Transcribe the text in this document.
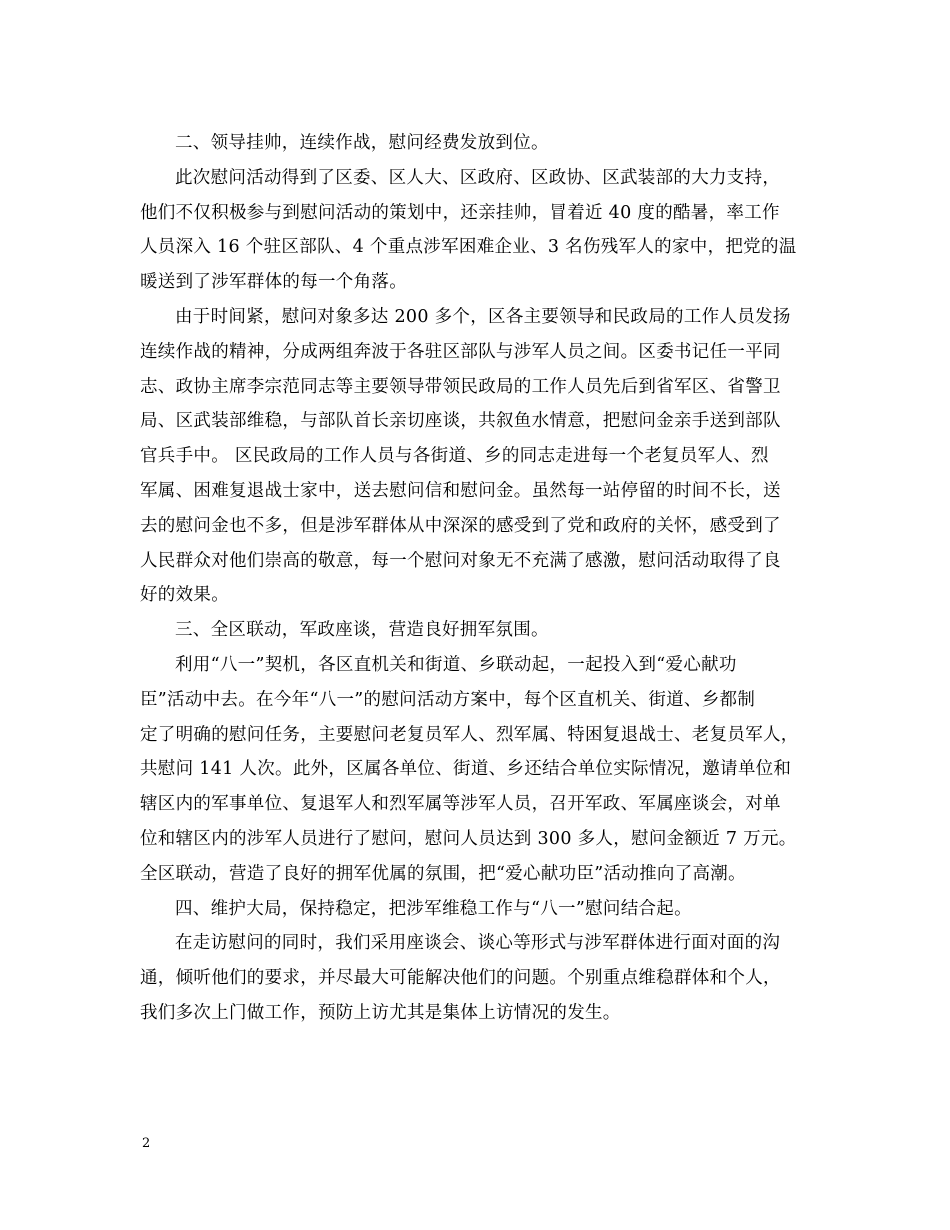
二、领导挂帅，连续作战，慰问经费发放到位。
此次慰问活动得到了区委、区人大、区政府、区政协、区武装部的大力支持，
他们不仅积极参与到慰问活动的策划中，还亲挂帅，冒着近 40 度的酷暑，率工作
人员深入 16 个驻区部队、4 个重点涉军困难企业、3 名伤残军人的家中，把党的温
暖送到了涉军群体的每一个角落。
由于时间紧，慰问对象多达 200 多个，区各主要领导和民政局的工作人员发扬
连续作战的精神，分成两组奔波于各驻区部队与涉军人员之间。区委书记任一平同
志、政协主席李宗范同志等主要领导带领民政局的工作人员先后到省军区、省警卫
局、区武装部维稳，与部队首长亲切座谈，共叙鱼水情意，把慰问金亲手送到部队
官兵手中。 区民政局的工作人员与各街道、乡的同志走进每一个老复员军人、烈
军属、困难复退战士家中，送去慰问信和慰问金。虽然每一站停留的时间不长，送
去的慰问金也不多，但是涉军群体从中深深的感受到了党和政府的关怀，感受到了
人民群众对他们崇高的敬意，每一个慰问对象无不充满了感激，慰问活动取得了良
好的效果。
三、全区联动，军政座谈，营造良好拥军氛围。
利用“八一”契机，各区直机关和街道、乡联动起，一起投入到“爱心献功
臣”活动中去。在今年“八一”的慰问活动方案中，每个区直机关、街道、乡都制
定了明确的慰问任务，主要慰问老复员军人、烈军属、特困复退战士、老复员军人，
共慰问 141 人次。此外，区属各单位、街道、乡还结合单位实际情况，邀请单位和
辖区内的军事单位、复退军人和烈军属等涉军人员，召开军政、军属座谈会，对单
位和辖区内的涉军人员进行了慰问，慰问人员达到 300 多人，慰问金额近 7 万元。
全区联动，营造了良好的拥军优属的氛围，把“爱心献功臣”活动推向了高潮。
四、维护大局，保持稳定，把涉军维稳工作与“八一”慰问结合起。
在走访慰问的同时，我们采用座谈会、谈心等形式与涉军群体进行面对面的沟
通，倾听他们的要求，并尽最大可能解决他们的问题。个别重点维稳群体和个人，
我们多次上门做工作，预防上访尤其是集体上访情况的发生。
2
